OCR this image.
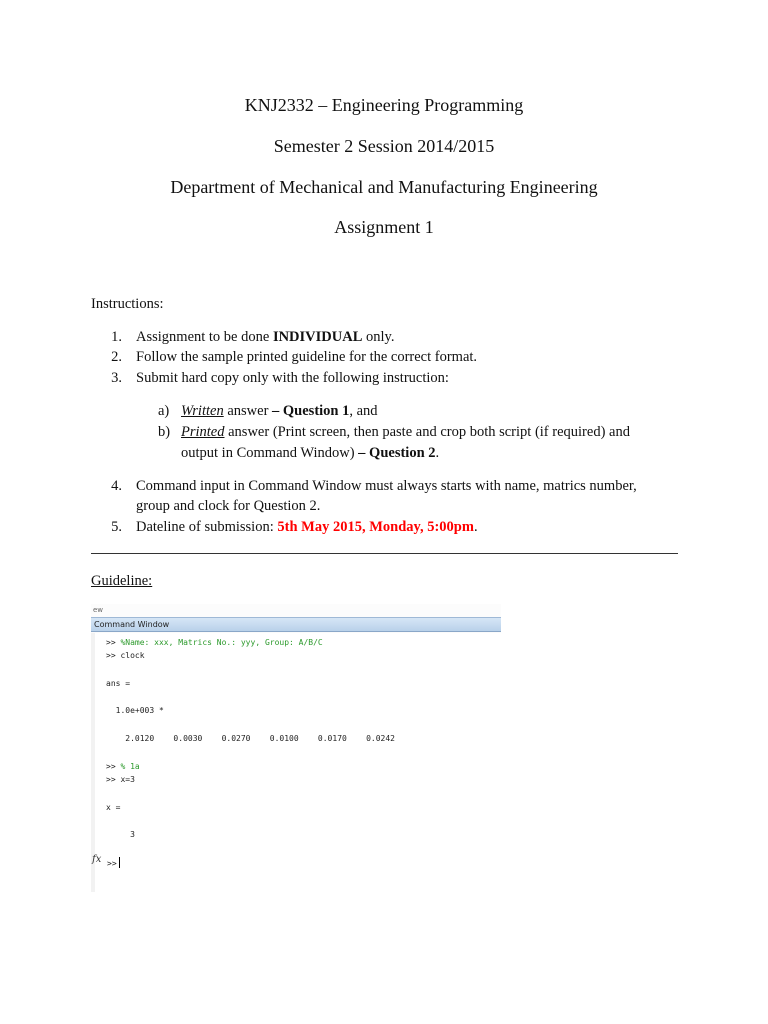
KNJ2332 – Engineering Programming
Semester 2 Session 2014/2015
Department of Mechanical and Manufacturing Engineering
Assignment 1
Instructions:
1. Assignment to be done INDIVIDUAL only.
2. Follow the sample printed guideline for the correct format.
3. Submit hard copy only with the following instruction:
a) Written answer – Question 1, and
b) Printed answer (Print screen, then paste and crop both script (if required) and
output in Command Window) – Question 2.
4. Command input in Command Window must always starts with name, matrics number,
group and clock for Question 2.
5. Dateline of submission: 5th May 2015, Monday, 5:00pm.
Guideline:
ew
Command Window
>> %Name: xxx, Matrics No.: yyy, Group: A/B/C
>> clock
ans =
1.0e+003 *
2.0120    0.0030    0.0270    0.0100    0.0170    0.0242
>> % 1a
>> x=3
x =
3
fx >>
